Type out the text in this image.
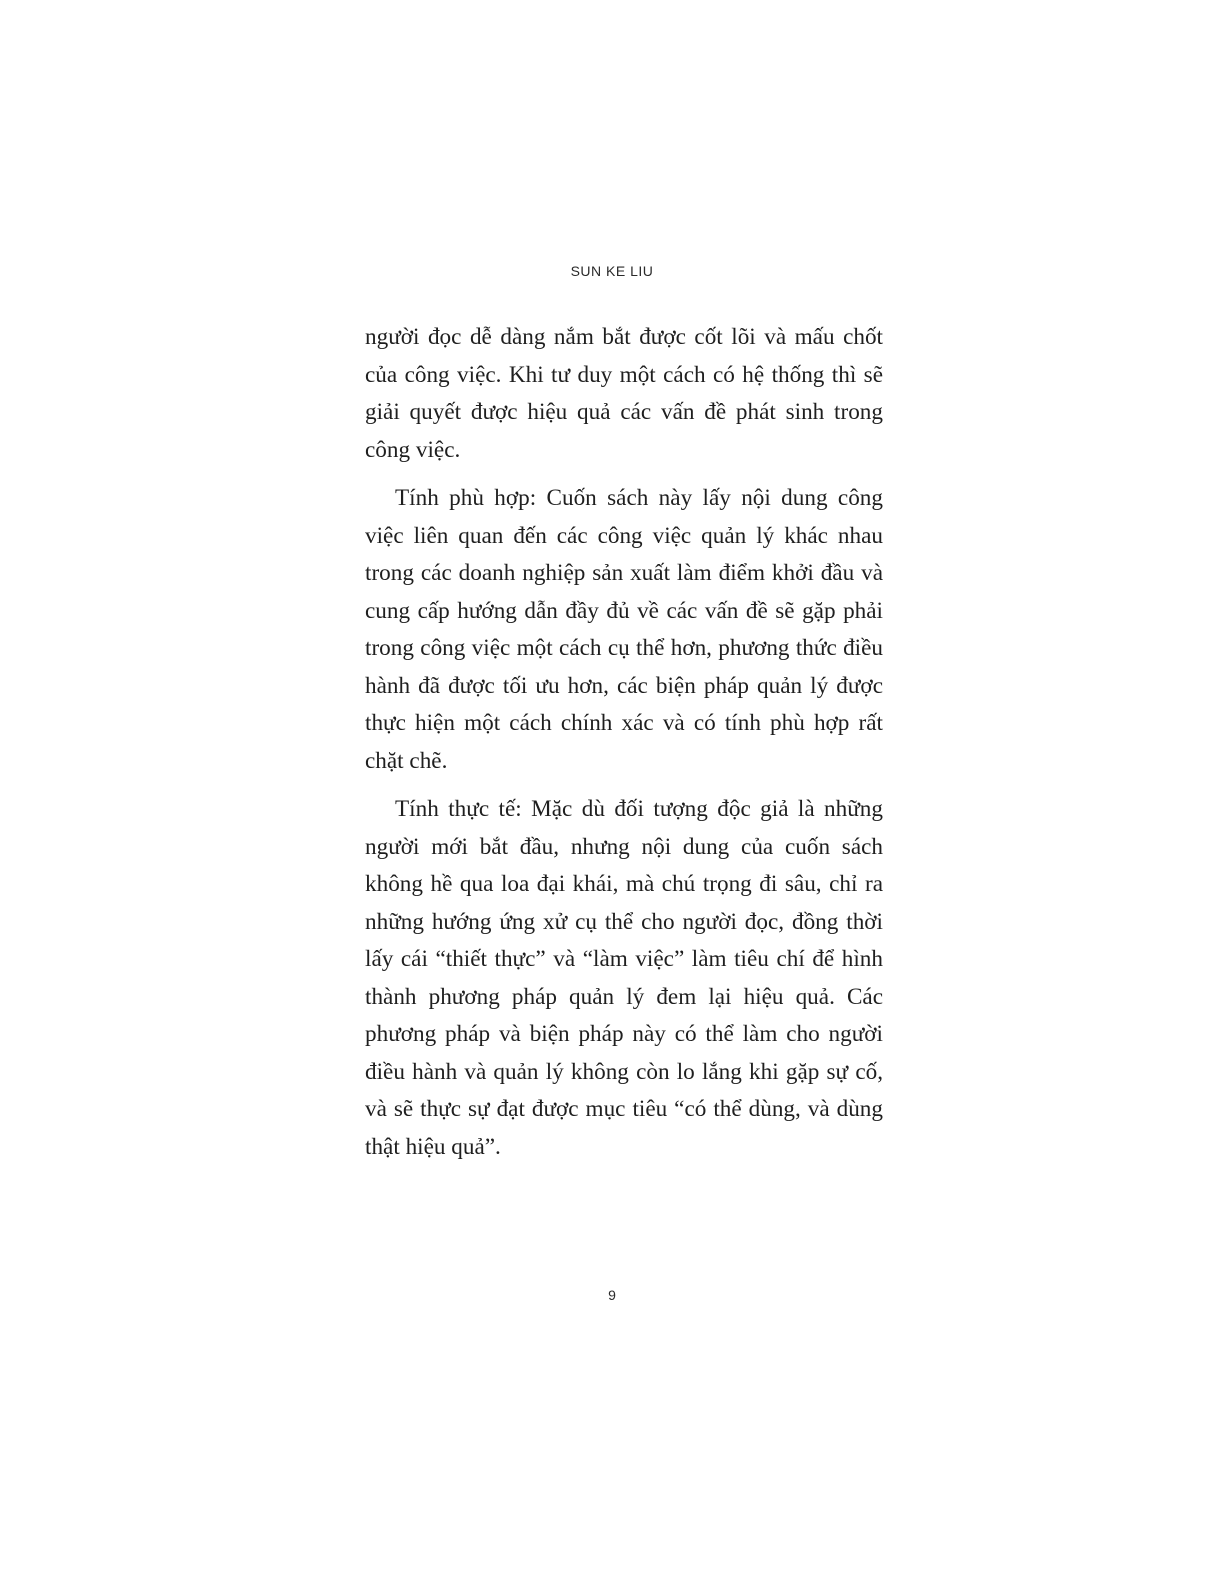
SUN KE LIU

người đọc dễ dàng nắm bắt được cốt lõi và mấu chốt của công việc. Khi tư duy một cách có hệ thống thì sẽ giải quyết được hiệu quả các vấn đề phát sinh trong công việc.

Tính phù hợp: Cuốn sách này lấy nội dung công việc liên quan đến các công việc quản lý khác nhau trong các doanh nghiệp sản xuất làm điểm khởi đầu và cung cấp hướng dẫn đầy đủ về các vấn đề sẽ gặp phải trong công việc một cách cụ thể hơn, phương thức điều hành đã được tối ưu hơn, các biện pháp quản lý được thực hiện một cách chính xác và có tính phù hợp rất chặt chẽ.

Tính thực tế: Mặc dù đối tượng độc giả là những người mới bắt đầu, nhưng nội dung của cuốn sách không hề qua loa đại khái, mà chú trọng đi sâu, chỉ ra những hướng ứng xử cụ thể cho người đọc, đồng thời lấy cái “thiết thực” và “làm việc” làm tiêu chí để hình thành phương pháp quản lý đem lại hiệu quả. Các phương pháp và biện pháp này có thể làm cho người điều hành và quản lý không còn lo lắng khi gặp sự cố, và sẽ thực sự đạt được mục tiêu “có thể dùng, và dùng thật hiệu quả”.

9
